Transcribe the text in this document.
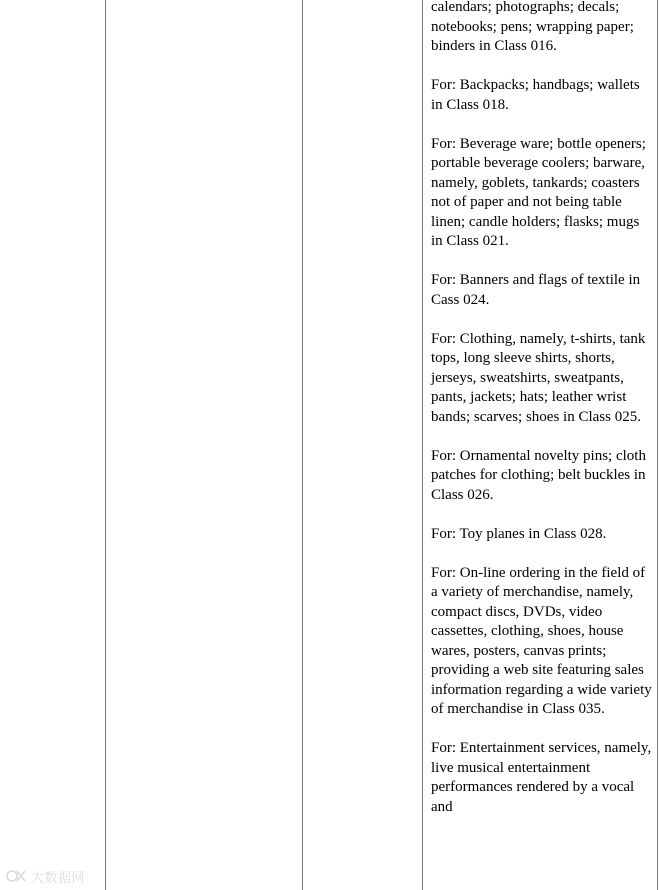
calendars; photographs; decals; notebooks; pens; wrapping paper; binders in Class 016.

For: Backpacks; handbags; wallets in Class 018.

For: Beverage ware; bottle openers; portable beverage coolers; barware, namely, goblets, tankards; coasters not of paper and not being table linen; candle holders; flasks; mugs in Class 021.

For: Banners and flags of textile in Cass 024.

For: Clothing, namely, t-shirts, tank tops, long sleeve shirts, shorts, jerseys, sweatshirts, sweatpants, pants, jackets; hats; leather wrist bands; scarves; shoes in Class 025.

For: Ornamental novelty pins; cloth patches for clothing; belt buckles in Class 026.

For: Toy planes in Class 028.

For: On-line ordering in the field of a variety of merchandise, namely, compact discs, DVDs, video cassettes, clothing, shoes, house wares, posters, canvas prints; providing a web site featuring sales information regarding a wide variety of merchandise in Class 035.

For: Entertainment services, namely, live musical entertainment performances rendered by a vocal and

大数据网
